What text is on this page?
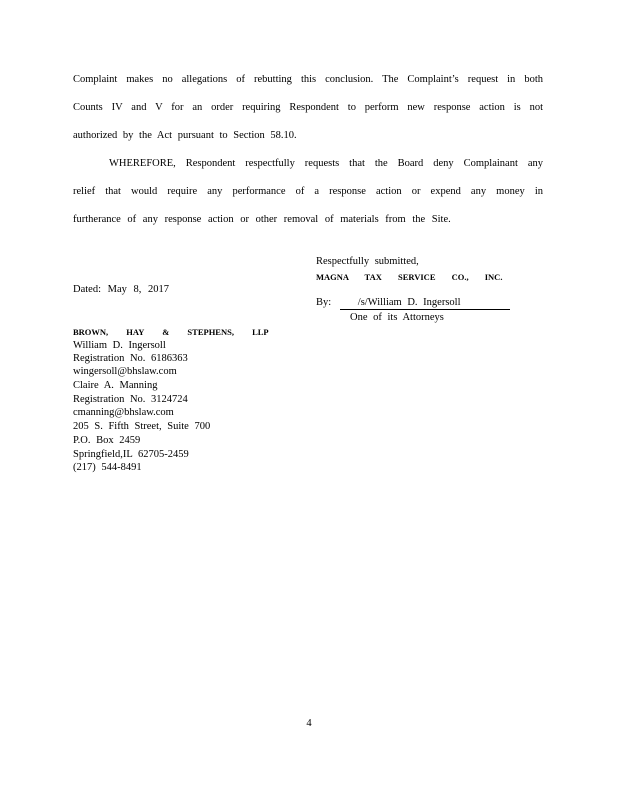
Complaint makes no allegations of rebutting this conclusion. The Complaint’s request in both
Counts IV and V for an order requiring Respondent to perform new response action is not
authorized by the Act pursuant to Section 58.10.
WHEREFORE, Respondent respectfully requests that the Board deny Complainant any
relief that would require any performance of a response action or expend any money in
furtherance of any response action or other removal of materials from the Site.
Respectfully submitted,
MAGNA TAX SERVICE CO., INC.
Dated: May 8, 2017
By:	/s/William D. Ingersoll
One of its Attorneys
BROWN, HAY & STEPHENS, LLP
William D. Ingersoll
Registration No. 6186363
wingersoll@bhslaw.com
Claire A. Manning
Registration No. 3124724
cmanning@bhslaw.com
205 S. Fifth Street, Suite 700
P.O. Box 2459
Springfield,IL 62705-2459
(217) 544-8491
4
